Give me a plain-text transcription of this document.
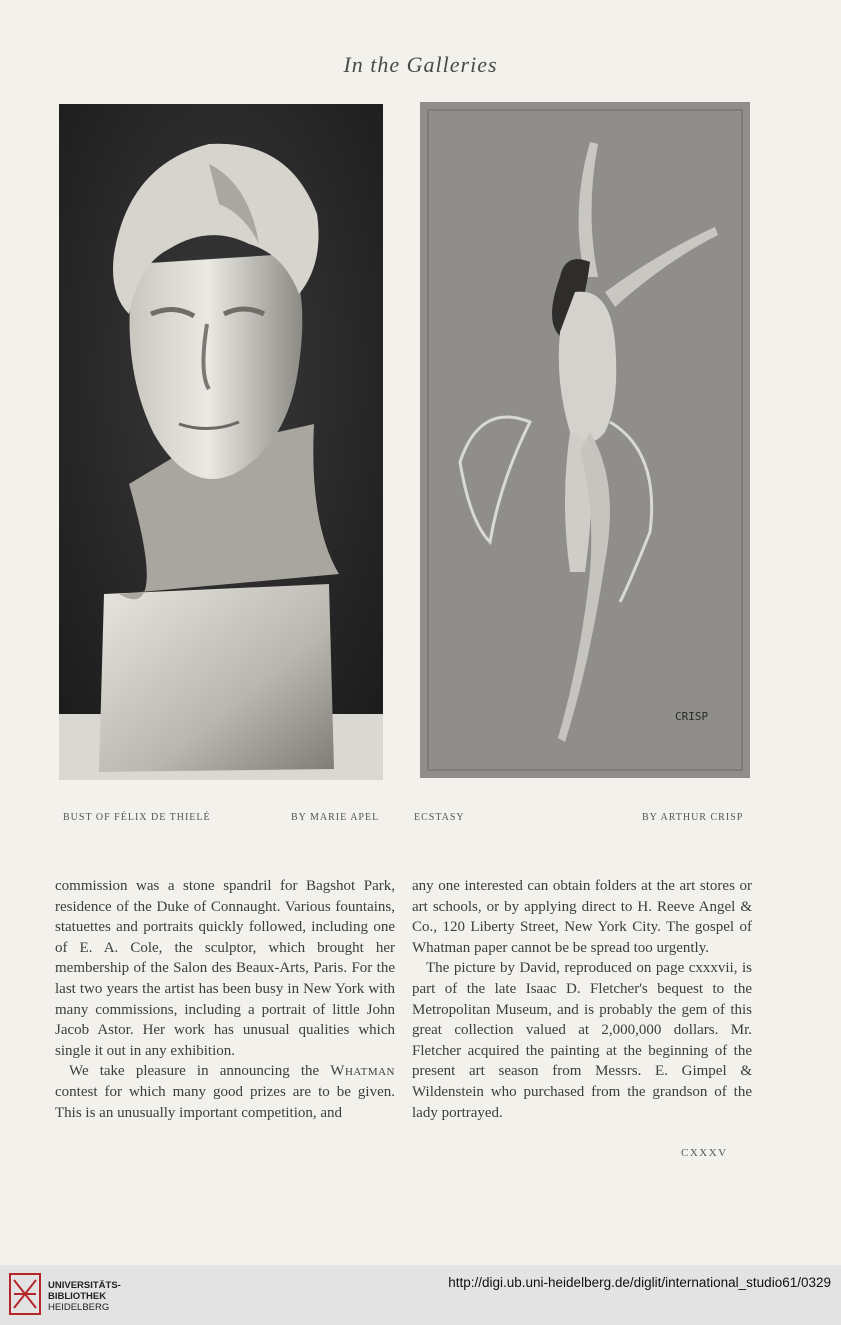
In the Galleries
CRISP
BUST OF FÉLIX DE THIELÉ	BY MARIE APEL	ECSTASY	BY ARTHUR CRISP

commission was a stone spandril for Bagshot Park, residence of the Duke of Connaught. Various fountains, statuettes and portraits quickly followed, including one of E. A. Cole, the sculptor, which brought her membership of the Salon des Beaux-Arts, Paris. For the last two years the artist has been busy in New York with many commissions, including a portrait of little John Jacob Astor. Her work has unusual qualities which single it out in any exhibition.

We take pleasure in announcing the Whatman contest for which many good prizes are to be given. This is an unusually important competition, and

any one interested can obtain folders at the art stores or art schools, or by applying direct to H. Reeve Angel & Co., 120 Liberty Street, New York City. The gospel of Whatman paper cannot be be spread too urgently.

The picture by David, reproduced on page cxxxvii, is part of the late Isaac D. Fletcher's bequest to the Metropolitan Museum, and is probably the gem of this great collection valued at 2,000,000 dollars. Mr. Fletcher acquired the painting at the beginning of the present art season from Messrs. E. Gimpel & Wildenstein who purchased from the grandson of the lady portrayed.

CXXXV
UNIVERSITÄTS-
BIBLIOTHEK
HEIDELBERG
http://digi.ub.uni-heidelberg.de/diglit/international_studio61/0329
